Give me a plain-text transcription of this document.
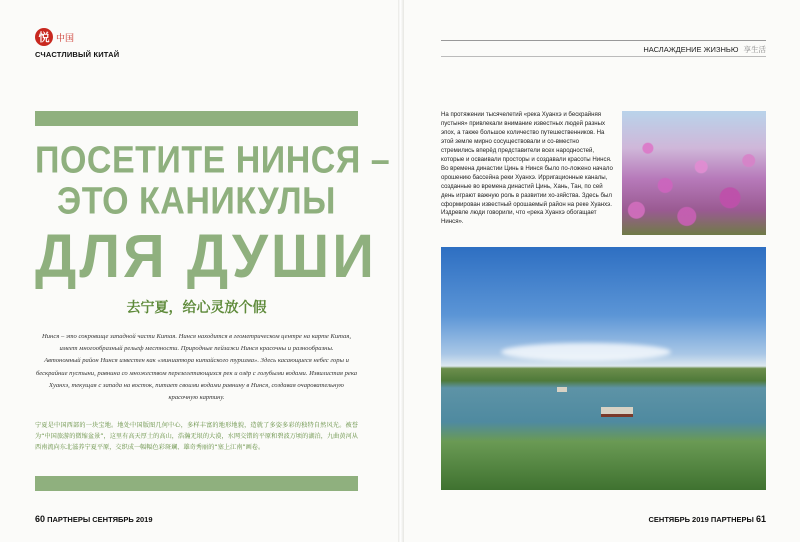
悦 中国
СЧАСТЛИВЫЙ КИТАЙ
ПОСЕТИТЕ НИНСЯ –
ЭТО КАНИКУЛЫ
ДЛЯ ДУШИ
去宁夏，给心灵放个假

Нинся – это сокровище западной части Китая. Нинся находится в геометрическом центре на карте Китая, имеет многообразный рельеф местности. Природные пейзажи Нинся красочны и разнообразны.

Автономный район Нинся известен как «миниатюра китайского туризма». Здесь касающиеся небес горы и бескрайние пустыни, равнина со множеством перезелетающихся рек и озёр с голубыми водами. Извилистая река Хуанхэ, текущая с запада на восток, питает своими водами равнину в Нинся, создавая очаровательную красочную картину.

宁夏是中国西部的一块宝地。地处中国版图几何中心，多样丰富的地形地貌，造就了多姿多彩的独特自然风光。被誉为“中国旅游的微缩盆景”，这里有高天厚土的高山，浩瀚无垠的大漠，水网交错的平原和碧波万顷的湖泊，九曲黄河从西南流向东北滋养宁夏平原，交织成一幅幅色彩斑斓、雄奇秀丽的“塞上江南”画卷。
60 ПАРТНЕРЫ СЕНТЯБРЬ 2019
НАСЛАЖДЕНИЕ ЖИЗНЬЮ 享生活
На протяжении тысячелетий «река Хуанхэ и бескрайняя пустыня» привлекали внимание известных людей разных эпох, а также большое количество путешественников. На этой земле мирно сосуществовали и со-вместно стремились вперёд представители всех народностей, которые и осваивали просторы и создавали красоты Нинся. Во времена династии Цинь в Нинся было по-ложено начало орошению бассейна реки Хуанхэ. Ирригационные каналы, созданные во времена династий Цинь, Хань, Тан, по сей день играют важную роль в развитии хо-зяйства. Здесь был сформирован известный орошаемый район на реке Хуанхэ. Издревле люди говорили, что «река Хуанхэ обогащает Нинся».
СЕНТЯБРЬ 2019 ПАРТНЕРЫ 61
